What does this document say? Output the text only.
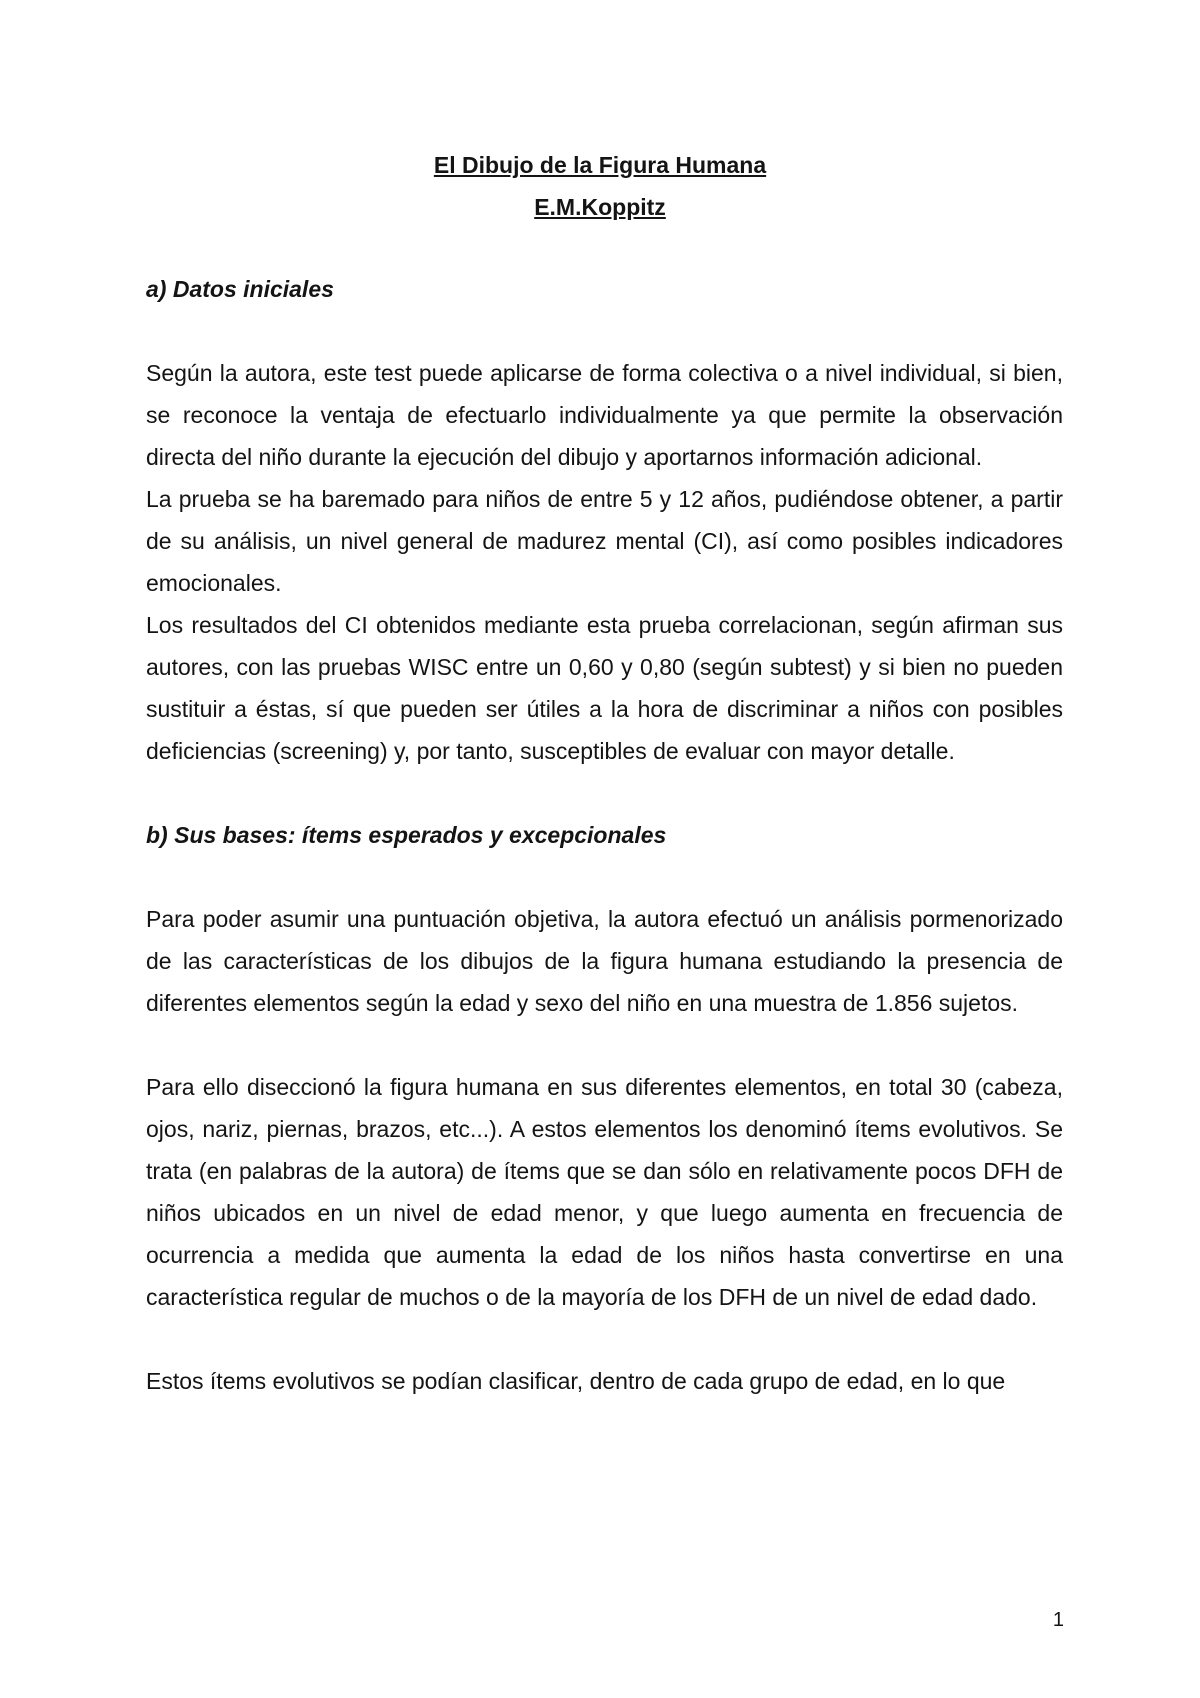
El Dibujo de la Figura Humana
E.M.Koppitz
a) Datos iniciales

Según la autora, este test puede aplicarse de forma colectiva o a nivel individual, si bien, se reconoce la ventaja de efectuarlo individualmente ya que permite la observación directa del niño durante la ejecución del dibujo y aportarnos información adicional.

La prueba se ha baremado para niños de entre 5 y 12 años, pudiéndose obtener, a partir de su análisis, un nivel general de madurez mental (CI), así como posibles indicadores emocionales.

Los resultados del CI obtenidos mediante esta prueba correlacionan, según afirman sus autores, con las pruebas WISC entre un 0,60 y 0,80 (según subtest) y si bien no pueden sustituir a éstas, sí que pueden ser útiles a la hora de discriminar a niños con posibles deficiencias (screening) y, por tanto, susceptibles de evaluar con mayor detalle.

b) Sus bases: ítems esperados y excepcionales

Para poder asumir una puntuación objetiva, la autora efectuó un análisis pormenorizado de las características de los dibujos de la figura humana estudiando la presencia de diferentes elementos según la edad y sexo del niño en una muestra de 1.856 sujetos.

Para ello diseccionó la figura humana en sus diferentes elementos, en total 30 (cabeza, ojos, nariz, piernas, brazos, etc...). A estos elementos los denominó ítems evolutivos. Se trata (en palabras de la autora) de ítems que se dan sólo en relativamente pocos DFH de niños ubicados en un nivel de edad menor, y que luego aumenta en frecuencia de ocurrencia a medida que aumenta la edad de los niños hasta convertirse en una característica regular de muchos o de la mayoría de los DFH de un nivel de edad dado.

Estos ítems evolutivos se podían clasificar, dentro de cada grupo de edad, en lo que

1
